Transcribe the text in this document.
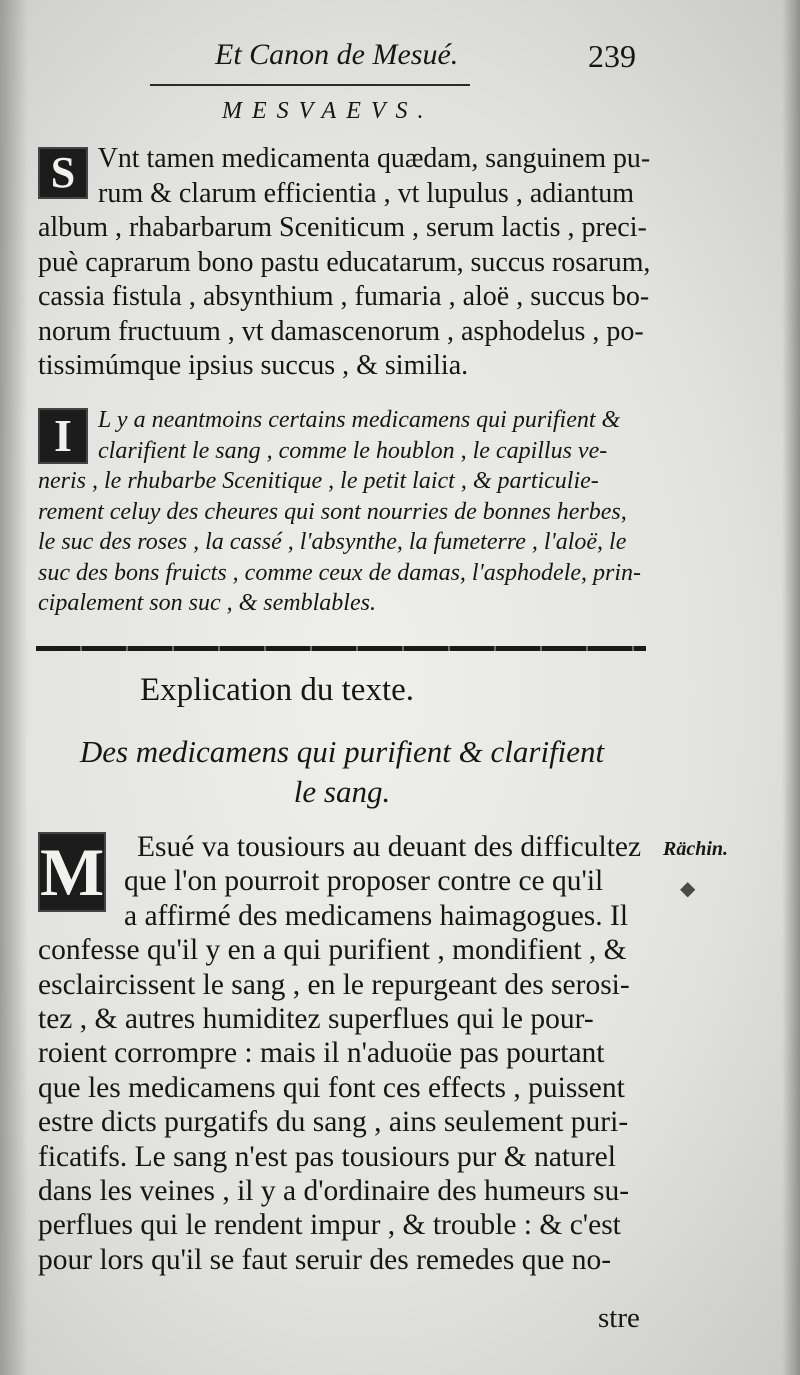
Et Canon de Mesué.	239
MESVAEVS.
S Vnt tamen medicamenta quædam, sanguinem pu-
rum & clarum efficientia , vt lupulus , adiantum
album , rhabarbarum Sceniticum , serum lactis , preci-
puè caprarum bono pastu educatarum, succus rosarum,
cassia fistula , absynthium , fumaria , aloë , succus bo-
norum fructuum , vt damascenorum , asphodelus , po-
tissimúmque ipsius succus , & similia.
I	L y a neantmoins certains medicamens qui purifient &
clarifient le sang , comme le houblon , le capillus ve-
neris , le rhubarbe Scenitique , le petit laict , & particulie-
rement celuy des cheures qui sont nourries de bonnes herbes,
le suc des roses , la cassé , l'absynthe, la fumeterre , l'aloë, le
suc des bons fruicts , comme ceux de damas, l'asphodele, prin-
cipalement son suc , & semblables.
Explication du texte.
Des medicamens qui purifient & clarifient
le sang.
Rächin.
◆
M	Esué va tousiours au deuant des difficultez
que l'on pourroit proposer contre ce qu'il
a affirmé des medicamens haimagogues. Il
confesse qu'il y en a qui purifient , mondifient , &
esclaircissent le sang , en le repurgeant des serosi-
tez , & autres humiditez superflues qui le pour-
roient corrompre : mais il n'aduoüe pas pourtant
que les medicamens qui font ces effects , puissent
estre dicts purgatifs du sang , ains seulement puri-
ficatifs. Le sang n'est pas tousiours pur & naturel
dans les veines , il y a d'ordinaire des humeurs su-
perflues qui le rendent impur , & trouble : & c'est
pour lors qu'il se faut seruir des remedes que no-
stre
